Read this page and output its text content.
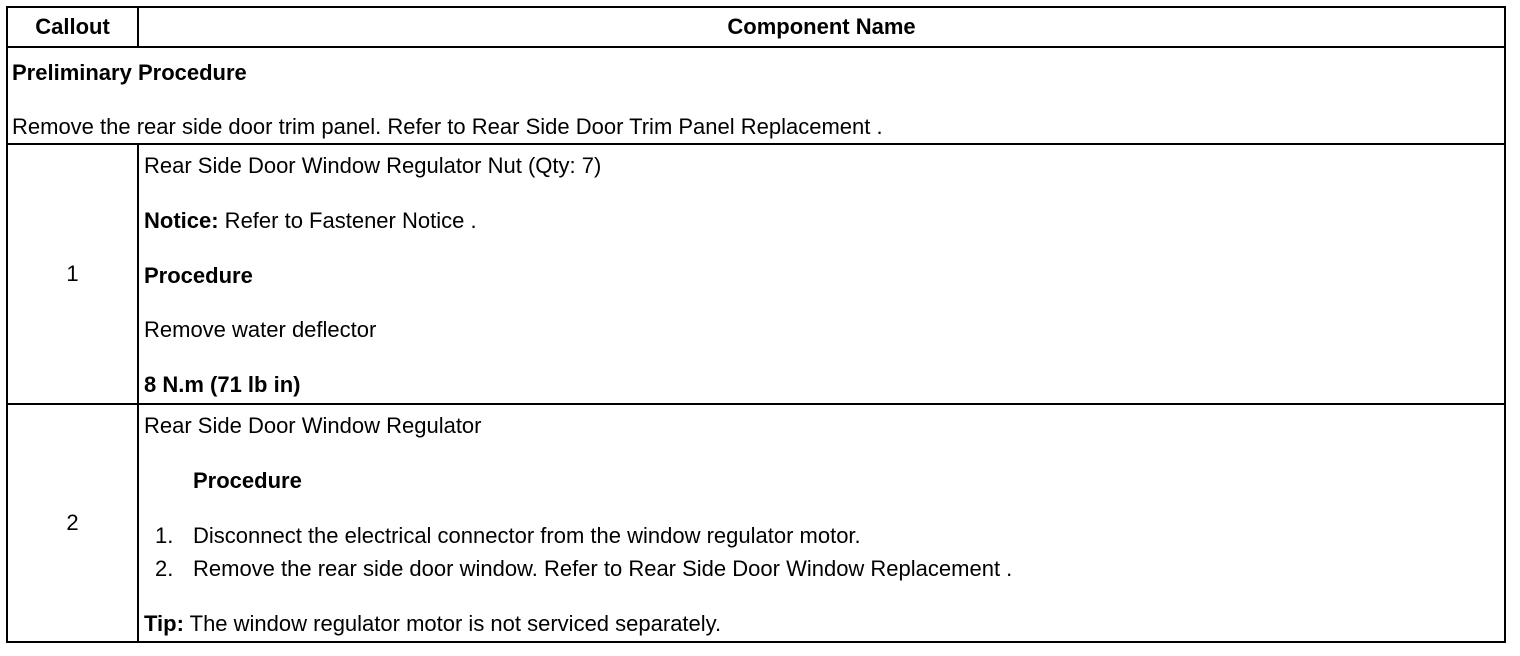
Callout	Component Name

Preliminary Procedure
Remove the rear side door trim panel. Refer to Rear Side Door Trim Panel Replacement .	

1	Rear Side Door Window Regulator Nut (Qty: 7)
Notice: Refer to Fastener Notice .
Procedure
Remove water deflector
8 N.m (71 lb in)

2	Rear Side Door Window Regulator
Procedure
1. Disconnect the electrical connector from the window regulator motor.
2. Remove the rear side door window. Refer to Rear Side Door Window Replacement .
Tip: The window regulator motor is not serviced separately.
